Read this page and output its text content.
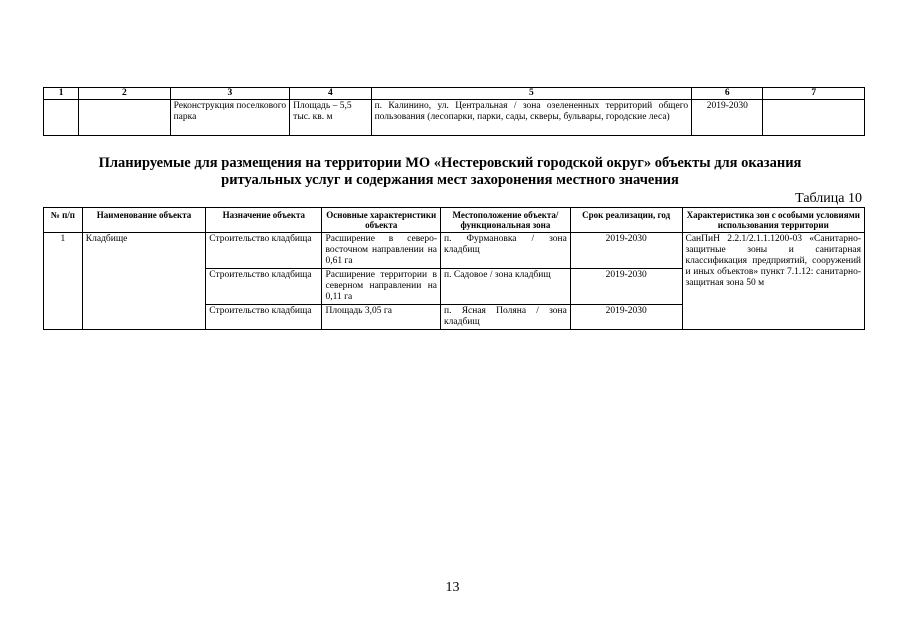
1	2	3	4	5	6	7
		Реконструкция поселкового парка	Площадь – 5,5 тыс. кв. м	п. Калинино, ул. Центральная / зона озелененных территорий общего пользования (лесопарки, парки, сады, скверы, бульвары, городские леса)	2019-2030	
Планируемые для размещения на территории МО «Нестеровский городской округ» объекты для оказания
ритуальных услуг и содержания мест захоронения местного значения
Таблица 10
№ п/п	Наименование объекта	Назначение объекта	Основные характеристики объекта	Местоположение объекта/ функциональная зона	Срок реализации, год	Характеристика зон с особыми условиями использования территории
1	Кладбище	Строительство кладбища	Расширение в северо-восточном направлении на 0,61 га	п. Фурмановка / зона кладбищ	2019-2030	СанПиН 2.2.1/2.1.1.1200-03 «Санитарно-защитные зоны и санитарная классификация предприятий, сооружений и иных объектов» пункт 7.1.12: санитарно-защитная зона 50 м
		Строительство кладбища	Расширение территории в северном направлении на 0,11 га	п. Садовое / зона кладбищ	2019-2030	
		Строительство кладбища	Площадь 3,05 га	п. Ясная Поляна / зона кладбищ	2019-2030	
13
